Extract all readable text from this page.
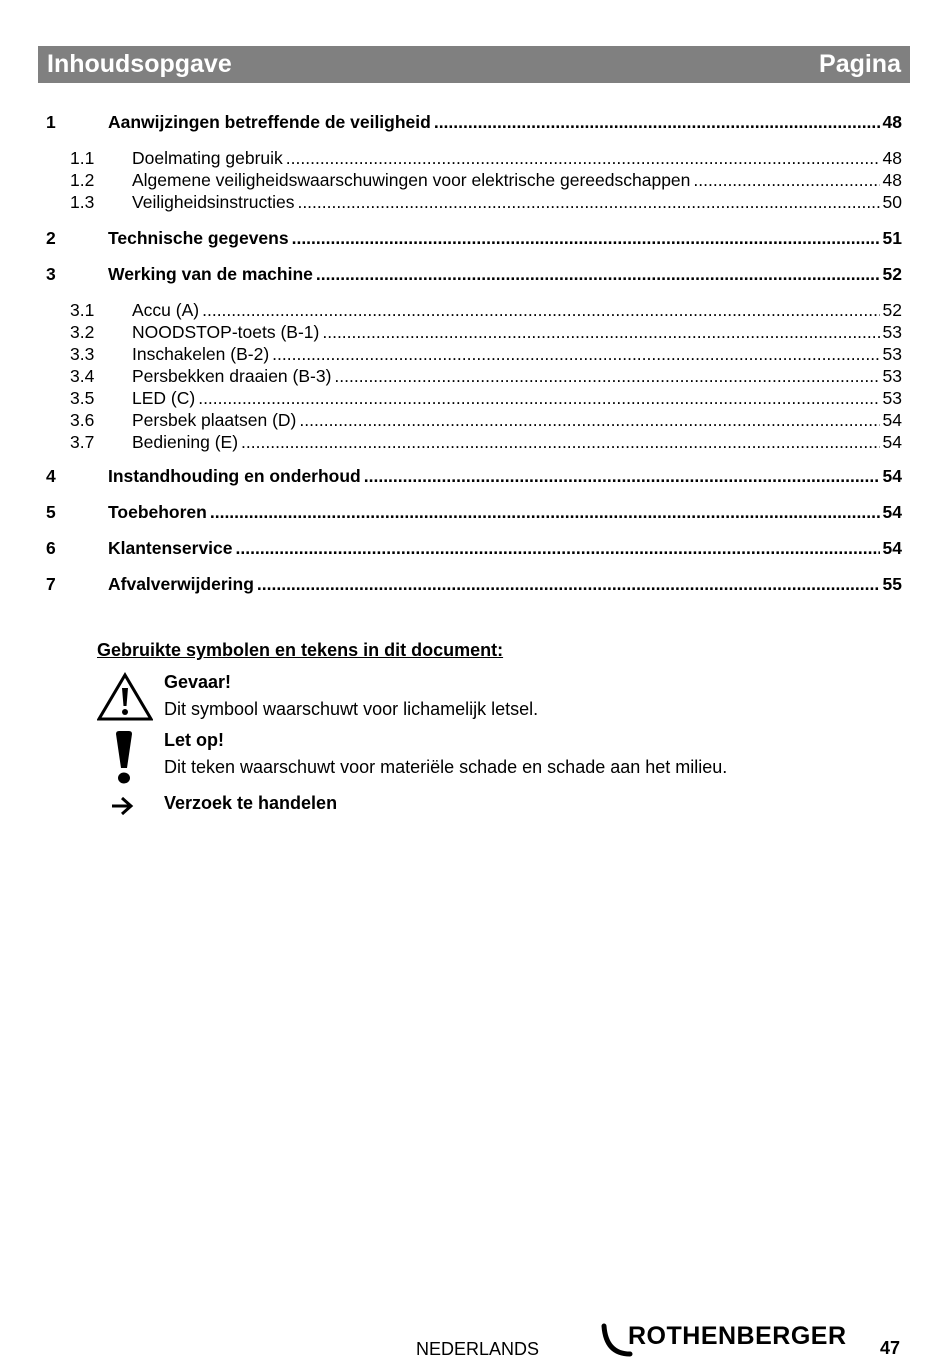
Inhoudsopgave	Pagina
1	Aanwijzingen betreffende de veiligheid .....	48
1.1	Doelmating gebruik .....	48
1.2	Algemene veiligheidswaarschuwingen voor elektrische gereedschappen .....	48
1.3	Veiligheidsinstructies .....	50
2	Technische gegevens .....	51
3	Werking van de machine .....	52
3.1	Accu (A) .....	52
3.2	NOODSTOP-toets (B-1) .....	53
3.3	Inschakelen (B-2) .....	53
3.4	Persbekken draaien (B-3) .....	53
3.5	LED (C) .....	53
3.6	Persbek plaatsen (D) .....	54
3.7	Bediening (E) .....	54
4	Instandhouding en onderhoud .....	54
5	Toebehoren .....	54
6	Klantenservice .....	54
7	Afvalverwijdering .....	55
Gebruikte symbolen en tekens in dit document:
Gevaar!
Dit symbool waarschuwt voor lichamelijk letsel.
Let op!
Dit teken waarschuwt voor materiële schade en schade aan het milieu.
Verzoek te handelen
NEDERLANDS	ROTHENBERGER 47
